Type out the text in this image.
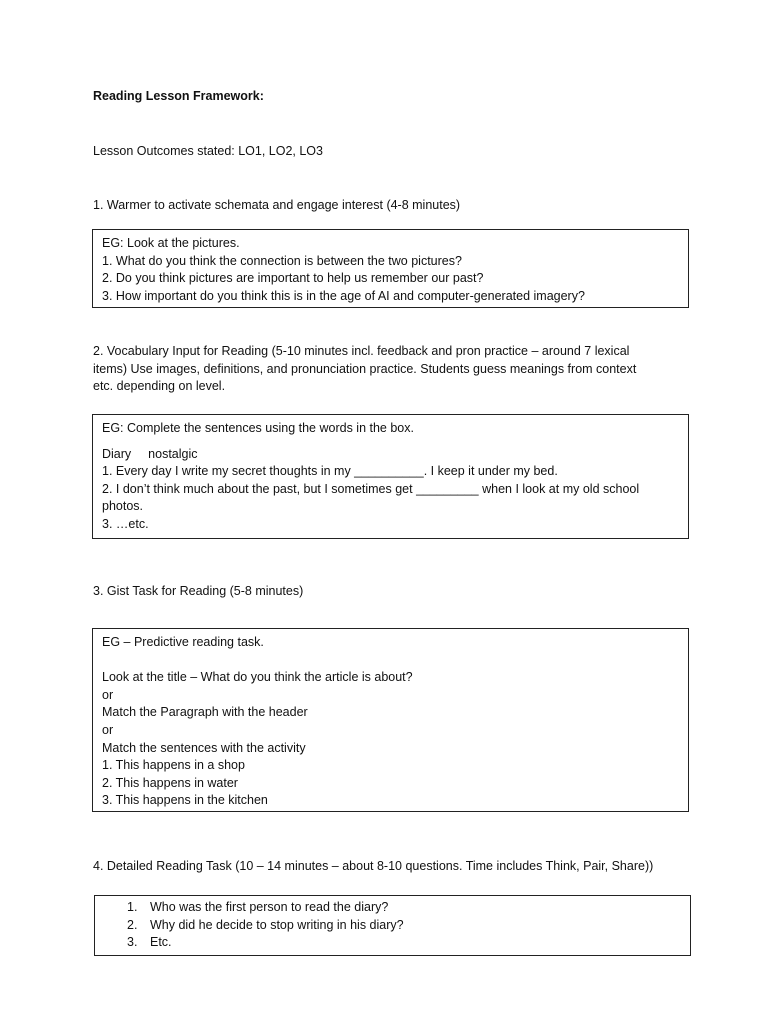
Reading Lesson Framework:
Lesson Outcomes stated: LO1, LO2, LO3
1. Warmer to activate schemata and engage interest (4-8 minutes)
EG: Look at the pictures.
1. What do you think the connection is between the two pictures?
2. Do you think pictures are important to help us remember our past?
3. How important do you think this is in the age of AI and computer-generated imagery?
2. Vocabulary Input for Reading (5-10 minutes incl. feedback and pron practice – around 7 lexical
items) Use images, definitions, and pronunciation practice. Students guess meanings from context
etc. depending on level.
EG: Complete the sentences using the words in the box.
Diary nostalgic
1. Every day I write my secret thoughts in my __________. I keep it under my bed.
2. I don’t think much about the past, but I sometimes get _________ when I look at my old school
photos.
3. …etc.
3. Gist Task for Reading (5-8 minutes)
EG – Predictive reading task.
Look at the title – What do you think the article is about?
or
Match the Paragraph with the header
or
Match the sentences with the activity
1. This happens in a shop
2. This happens in water
3. This happens in the kitchen
4. Detailed Reading Task (10 – 14 minutes – about 8-10 questions. Time includes Think, Pair, Share))
1. Who was the first person to read the diary?
2. Why did he decide to stop writing in his diary?
3. Etc.
